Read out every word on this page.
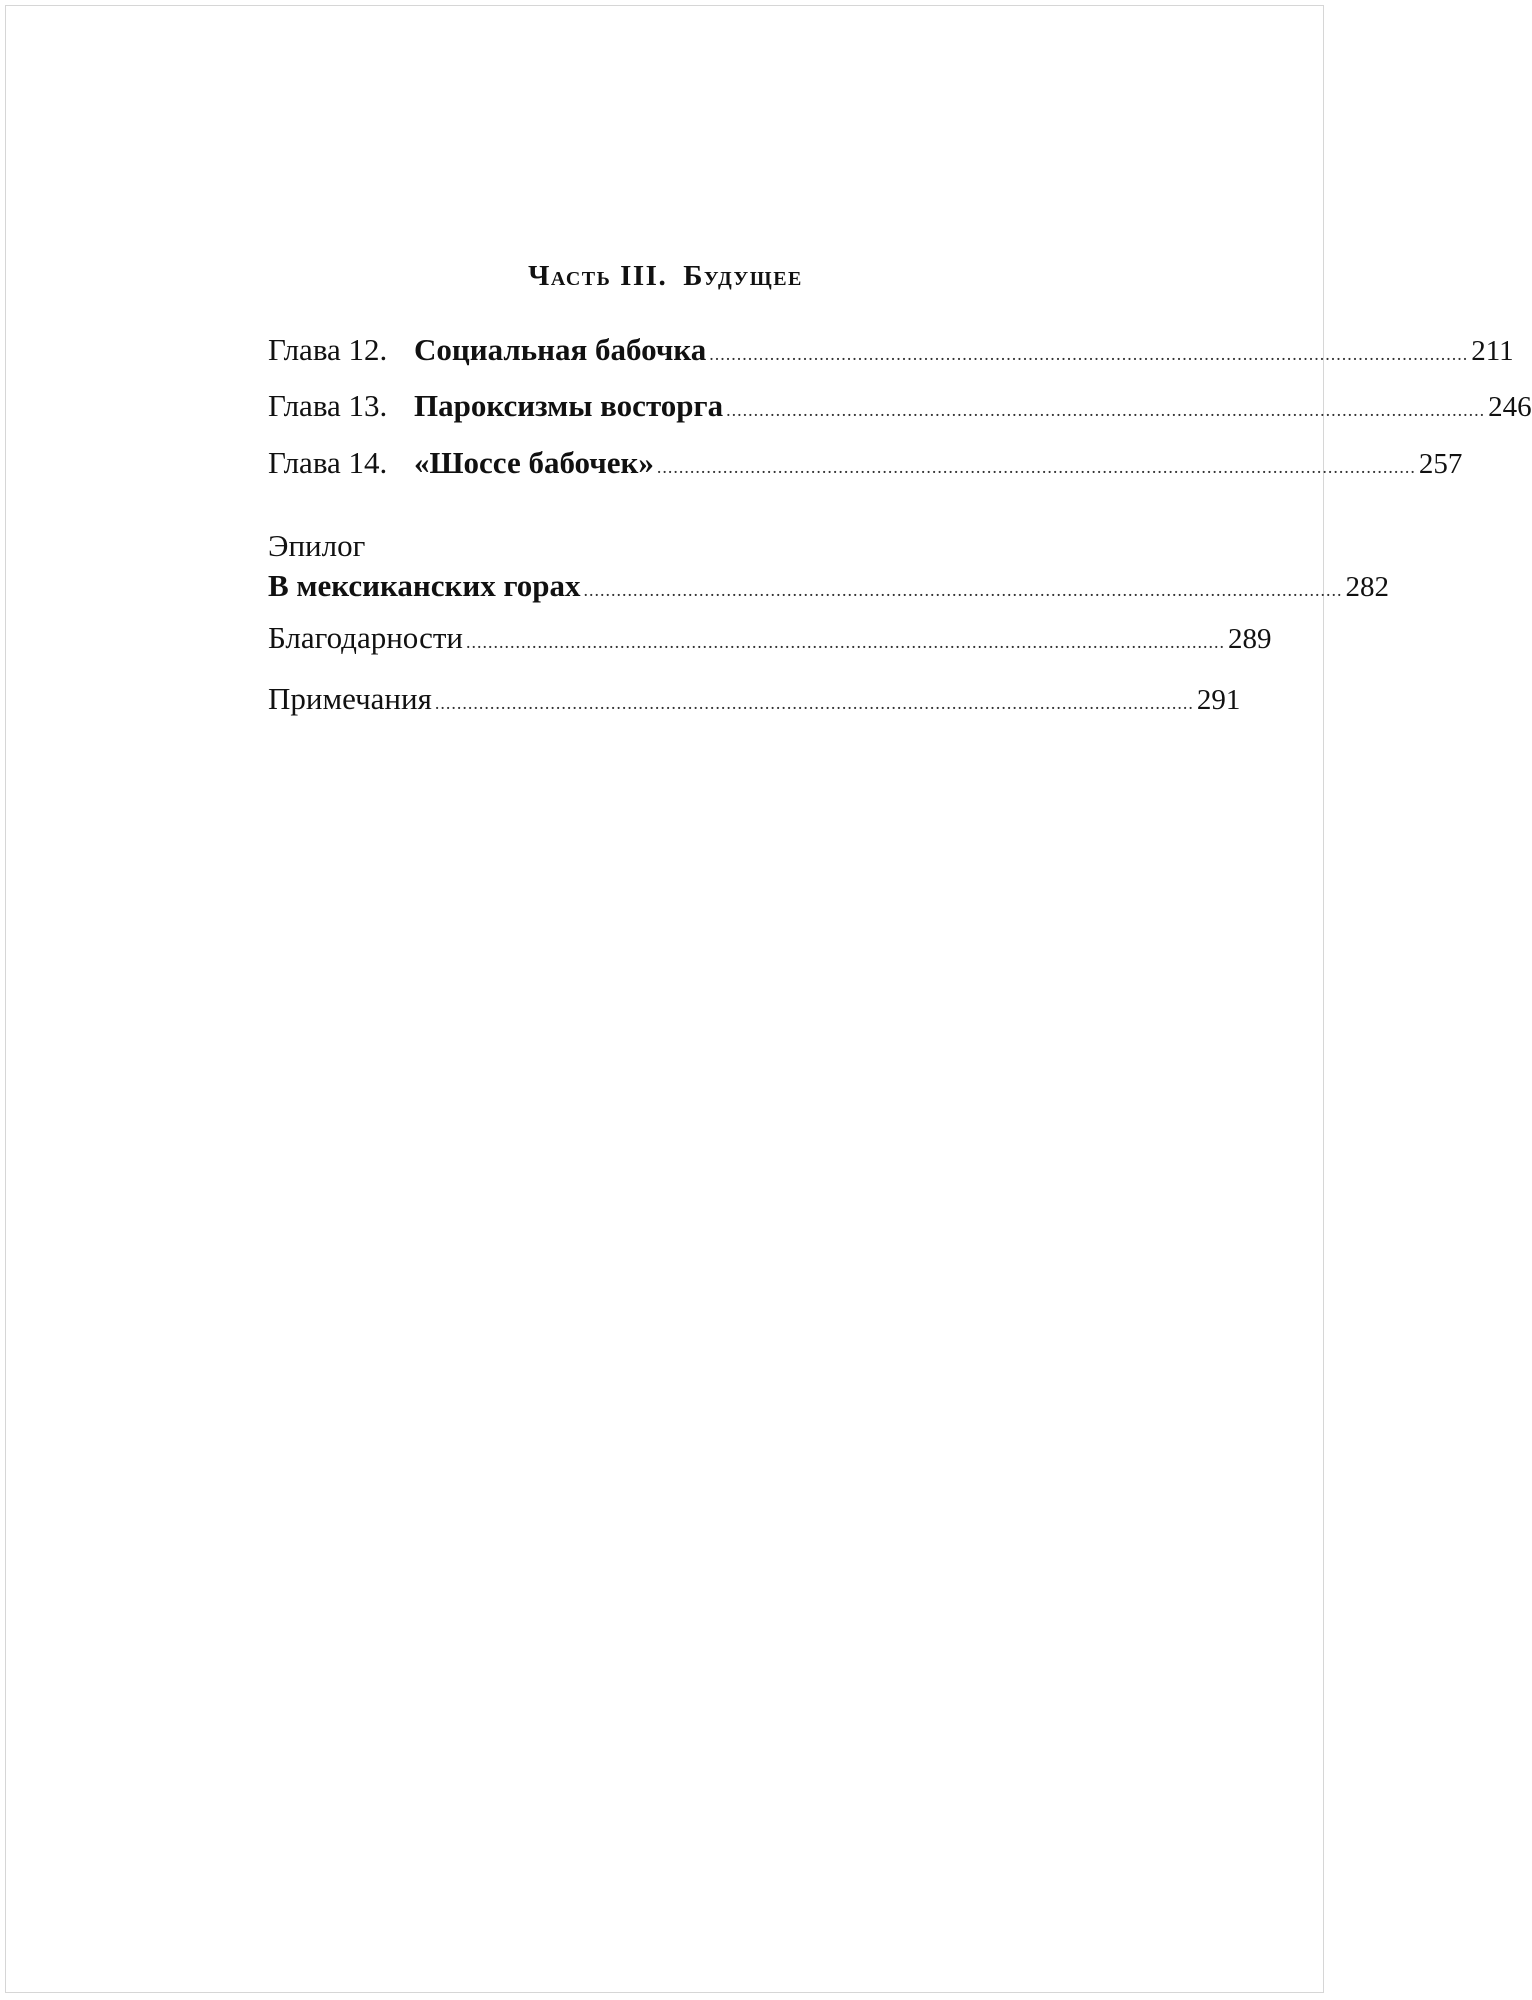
Часть III. Будущее
Глава 12. Социальная бабочка .......................................................................................................................................... 211
Глава 13. Пароксизмы восторга .......................................................................................................................................... 246
Глава 14. «Шоссе бабочек» .......................................................................................................................................... 257
Эпилог
В мексиканских горах .......................................................................................................................................... 282
Благодарности .......................................................................................................................................... 289
Примечания .......................................................................................................................................... 291
